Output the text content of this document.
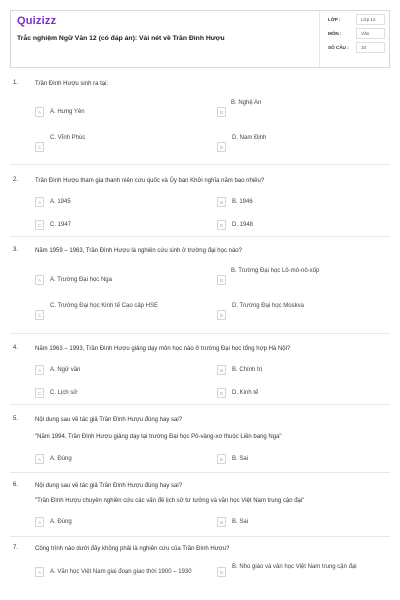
Quizizz
Trắc nghiệm Ngữ Văn 12 (có đáp án): Vài nét về Trần Đình Hượu
LỚP :	Lớp 12
MÔN :	Văn
SỐ CÂU :	10
1.	Trần Đình Hượu sinh ra tại:
A	A. Hưng Yên	B
B. Nghệ An
C
C. Vĩnh Phúc
D
D. Nam Định
2.	Trần Đình Hượu tham gia thanh niên cứu quốc và Ủy ban Khởi nghĩa năm bao nhiêu?
A	A. 1945	B	B. 1946
C	C. 1947	D	D. 1948
3.	Năm 1959 – 1963, Trần Đình Hượu là nghiên cứu sinh ở trường đại học nào?
A	A. Trường Đại học Nga	B
B. Trường Đại học Lô-mô-nô-xốp
C
C. Trường Đại học Kinh tế Cao cấp HSE
D
D. Trường Đại học Moskva
4.	Năm 1963 – 1993, Trần Đình Hượu giảng dạy môn học nào ở trường Đại học tổng hợp Hà Nội?
A	A. Ngữ văn	B	B. Chính trị
C	C. Lịch sử	D	D. Kinh tế
5.	Nội dung sau về tác giả Trần Đình Hượu đúng hay sai?
"Năm 1994, Trần Đình Hượu giảng dạy tại trường Đại học Pô-vàng-xơ thuộc Liên bang Nga"
A	A. Đúng	B	B. Sai
6.	Nội dung sau về tác giả Trần Đình Hượu đúng hay sai?
"Trần Đình Hượu chuyên nghiên cứu các vấn đề lịch sử tư tưởng và văn học Việt Nam trung cận đại"
A	A. Đúng	B	B. Sai
7.	Công trình nào dưới đây không phải là nghiên cứu của Trần Đình Hượu?
A	A. Văn học Việt Nam giai đoạn giao thời 1900 – 1930	B
B. Nho giáo và văn học Việt Nam trung cận đại
